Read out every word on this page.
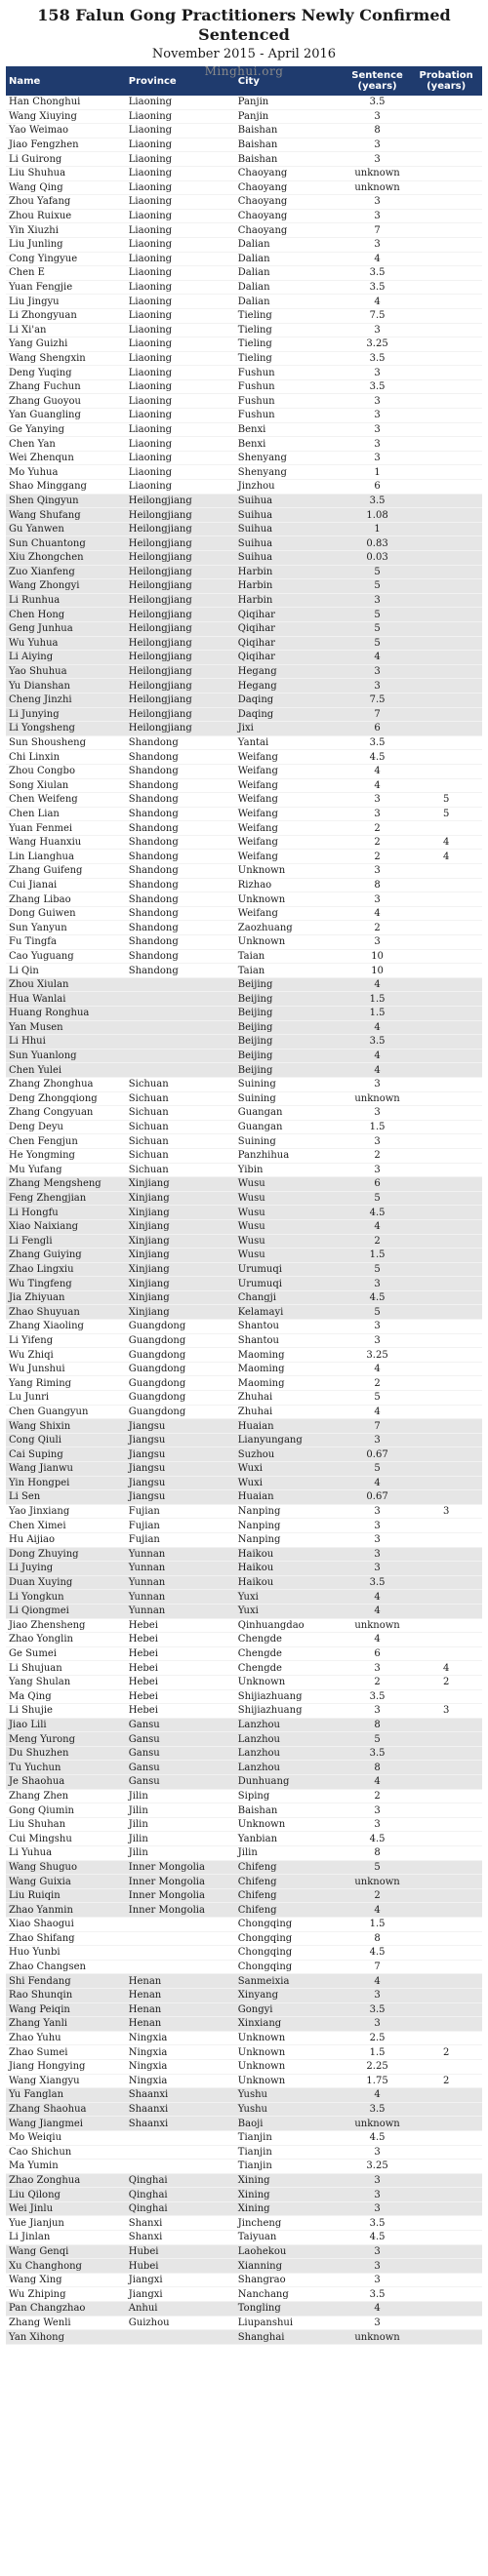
158 Falun Gong Practitioners Newly Confirmed Sentenced
November 2015 - April 2016
Minghui.org
Name	Province	City	Sentence (years)	Probation (years)
Han Chonghui	Liaoning	Panjin	3.5	
Wang Xiuying	Liaoning	Panjin	3	
Yao Weimao	Liaoning	Baishan	8	
Jiao Fengzhen	Liaoning	Baishan	3	
Li Guirong	Liaoning	Baishan	3	
Liu Shuhua	Liaoning	Chaoyang	unknown	
Wang Qing	Liaoning	Chaoyang	unknown	
Zhou Yafang	Liaoning	Chaoyang	3	
Zhou Ruixue	Liaoning	Chaoyang	3	
Yin Xiuzhi	Liaoning	Chaoyang	7	
Liu Junling	Liaoning	Dalian	3	
Cong Yingyue	Liaoning	Dalian	4	
Chen E	Liaoning	Dalian	3.5	
Yuan Fengjie	Liaoning	Dalian	3.5	
Liu Jingyu	Liaoning	Dalian	4	
Li Zhongyuan	Liaoning	Tieling	7.5	
Li Xi'an	Liaoning	Tieling	3	
Yang Guizhi	Liaoning	Tieling	3.25	
Wang Shengxin	Liaoning	Tieling	3.5	
Deng Yuqing	Liaoning	Fushun	3	
Zhang Fuchun	Liaoning	Fushun	3.5	
Zhang Guoyou	Liaoning	Fushun	3	
Yan Guangling	Liaoning	Fushun	3	
Ge Yanying	Liaoning	Benxi	3	
Chen Yan	Liaoning	Benxi	3	
Wei Zhenqun	Liaoning	Shenyang	3	
Mo Yuhua	Liaoning	Shenyang	1	
Shao Minggang	Liaoning	Jinzhou	6	
Shen Qingyun	Heilongjiang	Suihua	3.5	
Wang Shufang	Heilongjiang	Suihua	1.08	
Gu Yanwen	Heilongjiang	Suihua	1	
Sun Chuantong	Heilongjiang	Suihua	0.83	
Xiu Zhongchen	Heilongjiang	Suihua	0.03	
Zuo Xianfeng	Heilongjiang	Harbin	5	
Wang Zhongyi	Heilongjiang	Harbin	5	
Li Runhua	Heilongjiang	Harbin	3	
Chen Hong	Heilongjiang	Qiqihar	5	
Geng Junhua	Heilongjiang	Qiqihar	5	
Wu Yuhua	Heilongjiang	Qiqihar	5	
Li Aiying	Heilongjiang	Qiqihar	4	
Yao Shuhua	Heilongjiang	Hegang	3	
Yu Dianshan	Heilongjiang	Hegang	3	
Cheng Jinzhi	Heilongjiang	Daqing	7.5	
Li Junying	Heilongjiang	Daqing	7	
Li Yongsheng	Heilongjiang	Jixi	6	
Sun Shousheng	Shandong	Yantai	3.5	
Chi Linxin	Shandong	Weifang	4.5	
Zhou Congbo	Shandong	Weifang	4	
Song Xiulan	Shandong	Weifang	4	
Chen Weifeng	Shandong	Weifang	3	5
Chen Lian	Shandong	Weifang	3	5
Yuan Fenmei	Shandong	Weifang	2	
Wang Huanxiu	Shandong	Weifang	2	4
Lin Lianghua	Shandong	Weifang	2	4
Zhang Guifeng	Shandong	Unknown	3	
Cui Jianai	Shandong	Rizhao	8	
Zhang Libao	Shandong	Unknown	3	
Dong Guiwen	Shandong	Weifang	4	
Sun Yanyun	Shandong	Zaozhuang	2	
Fu Tingfa	Shandong	Unknown	3	
Cao Yuguang	Shandong	Taian	10	
Li Qin	Shandong	Taian	10	
Zhou Xiulan		Beijing	4	
Hua Wanlai		Beijing	1.5	
Huang Ronghua		Beijing	1.5	
Yan Musen		Beijing	4	
Li Hhui		Beijing	3.5	
Sun Yuanlong		Beijing	4	
Chen Yulei		Beijing	4	
Zhang Zhonghua	Sichuan	Suining	3	
Deng Zhongqiong	Sichuan	Suining	unknown	
Zhang Congyuan	Sichuan	Guangan	3	
Deng Deyu	Sichuan	Guangan	1.5	
Chen Fengjun	Sichuan	Suining	3	
He Yongming	Sichuan	Panzhihua	2	
Mu Yufang	Sichuan	Yibin	3	
Zhang Mengsheng	Xinjiang	Wusu	6	
Feng Zhengjian	Xinjiang	Wusu	5	
Li Hongfu	Xinjiang	Wusu	4.5	
Xiao Naixiang	Xinjiang	Wusu	4	
Li Fengli	Xinjiang	Wusu	2	
Zhang Guiying	Xinjiang	Wusu	1.5	
Zhao Lingxiu	Xinjiang	Urumuqi	5	
Wu Tingfeng	Xinjiang	Urumuqi	3	
Jia Zhiyuan	Xinjiang	Changji	4.5	
Zhao Shuyuan	Xinjiang	Kelamayi	5	
Zhang Xiaoling	Guangdong	Shantou	3	
Li Yifeng	Guangdong	Shantou	3	
Wu Zhiqi	Guangdong	Maoming	3.25	
Wu Junshui	Guangdong	Maoming	4	
Yang Riming	Guangdong	Maoming	2	
Lu Junri	Guangdong	Zhuhai	5	
Chen Guangyun	Guangdong	Zhuhai	4	
Wang Shixin	Jiangsu	Huaian	7	
Cong Qiuli	Jiangsu	Lianyungang	3	
Cai Suping	Jiangsu	Suzhou	0.67	
Wang Jianwu	Jiangsu	Wuxi	5	
Yin Hongpei	Jiangsu	Wuxi	4	
Li Sen	Jiangsu	Huaian	0.67	
Yao Jinxiang	Fujian	Nanping	3	3
Chen Ximei	Fujian	Nanping	3	
Hu Aijiao	Fujian	Nanping	3	
Dong Zhuying	Yunnan	Haikou	3	
Li Juying	Yunnan	Haikou	3	
Duan Xuying	Yunnan	Haikou	3.5	
Li Yongkun	Yunnan	Yuxi	4	
Li Qiongmei	Yunnan	Yuxi	4	
Jiao Zhensheng	Hebei	Qinhuangdao	unknown	
Zhao Yonglin	Hebei	Chengde	4	
Ge Sumei	Hebei	Chengde	6	
Li Shujuan	Hebei	Chengde	3	4
Yang Shulan	Hebei	Unknown	2	2
Ma Qing	Hebei	Shijiazhuang	3.5	
Li Shujie	Hebei	Shijiazhuang	3	3
Jiao Lili	Gansu	Lanzhou	8	
Meng Yurong	Gansu	Lanzhou	5	
Du Shuzhen	Gansu	Lanzhou	3.5	
Tu Yuchun	Gansu	Lanzhou	8	
Je Shaohua	Gansu	Dunhuang	4	
Zhang Zhen	Jilin	Siping	2	
Gong Qiumin	Jilin	Baishan	3	
Liu Shuhan	Jilin	Unknown	3	
Cui Mingshu	Jilin	Yanbian	4.5	
Li Yuhua	Jilin	Jilin	8	
Wang Shuguo	Inner Mongolia	Chifeng	5	
Wang Guixia	Inner Mongolia	Chifeng	unknown	
Liu Ruiqin	Inner Mongolia	Chifeng	2	
Zhao Yanmin	Inner Mongolia	Chifeng	4	
Xiao Shaogui		Chongqing	1.5	
Zhao Shifang		Chongqing	8	
Huo Yunbi		Chongqing	4.5	
Zhao Changsen		Chongqing	7	
Shi Fendang	Henan	Sanmeixia	4	
Rao Shunqin	Henan	Xinyang	3	
Wang Peiqin	Henan	Gongyi	3.5	
Zhang Yanli	Henan	Xinxiang	3	
Zhao Yuhu	Ningxia	Unknown	2.5	
Zhao Sumei	Ningxia	Unknown	1.5	2
Jiang Hongying	Ningxia	Unknown	2.25	
Wang Xiangyu	Ningxia	Unknown	1.75	2
Yu Fanglan	Shaanxi	Yushu	4	
Zhang Shaohua	Shaanxi	Yushu	3.5	
Wang Jiangmei	Shaanxi	Baoji	unknown	
Mo Weiqiu		Tianjin	4.5	
Cao Shichun		Tianjin	3	
Ma Yumin		Tianjin	3.25	
Zhao Zonghua	Qinghai	Xining	3	
Liu Qilong	Qinghai	Xining	3	
Wei Jinlu	Qinghai	Xining	3	
Yue Jianjun	Shanxi	Jincheng	3.5	
Li Jinlan	Shanxi	Taiyuan	4.5	
Wang Genqi	Hubei	Laohekou	3	
Xu Changhong	Hubei	Xianning	3	
Wang Xing	Jiangxi	Shangrao	3	
Wu Zhiping	Jiangxi	Nanchang	3.5	
Pan Changzhao	Anhui	Tongling	4	
Zhang Wenli	Guizhou	Liupanshui	3	
Yan Xihong		Shanghai	unknown	
